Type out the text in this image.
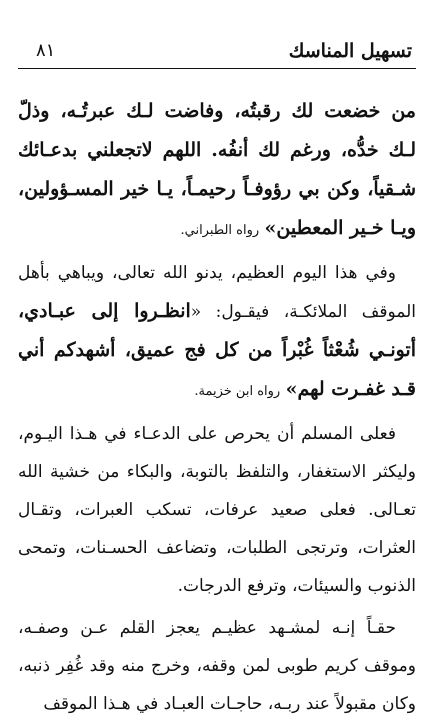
تسهيل المناسك
٨١

من خضعت لك رقبتُه، وفاضت لـك عبرتُـه، وذلّ لـك خدُّه، ورغم لك أنفُه. اللهم لاتجعلني بدعـائك شـقياً، وكن بي رؤوفـاً رحيمـاً، يـا خير المسـؤولين، ويـا خـير المعطين» رواه الطبراني.

وفي هذا اليوم العظيم، يدنو الله تعالى، ويباهي بأهل الموقف الملائكـة، فيقـول: «انظـروا إلى عبـادي، أتونـي شُعْثاً غُبْراً من كل فج عميق، أشهدكم أني قـد غفـرت لهم» رواه ابن خزيمة.

فعلى المسلم أن يحرص على الدعـاء في هـذا اليـوم، وليكثر الاستغفار، والتلفظ بالتوبة، والبكاء من خشية الله تعـالى. فعلى صعيد عرفات، تسكب العبرات، وتقـال العثرات، وترتجى الطلبات، وتضاعف الحسـنات، وتمحى الذنوب والسيئات، وترفع الدرجات.

حقـاً إنـه لمشـهد عظيـم يعجز القلم عـن وصفـه، وموقف كريم طوبى لمن وقفه، وخرج منه وقد غُفِر ذنبه، وكان مقبولاً عند ربـه، حاجـات العبـاد في هـذا الموقف
